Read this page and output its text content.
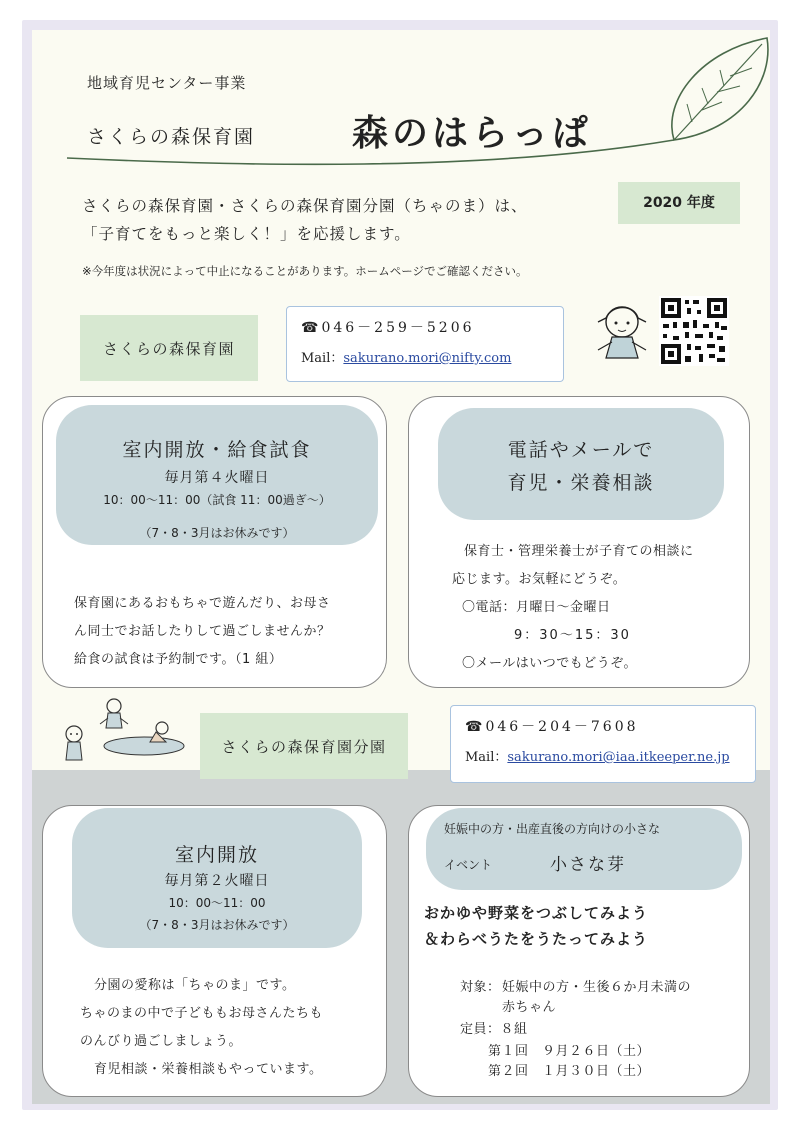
地域育児センター事業
さくらの森保育園	森のはらっぱ
さくらの森保育園・さくらの森保育園分園（ちゃのま）は、
「子育てをもっと楽しく！」を応援します。
2020 年度
※今年度は状況によって中止になることがあります。ホームページでご確認ください。
さくらの森保育園
☎046－259－5206
Mail：sakurano.mori@nifty.com
室内開放・給食試食
毎月第４火曜日
10：00～11：00（試食 11：00過ぎ～）
（7・8・3月はお休みです）
保育園にあるおもちゃで遊んだり、お母さ
ん同士でお話したりして過ごしませんか？
給食の試食は予約制です。（1 組）
電話やメールで
育児・栄養相談
保育士・管理栄養士が子育ての相談に
応じます。お気軽にどうぞ。
〇電話：月曜日～金曜日
9：30～15：30
〇メールはいつでもどうぞ。
さくらの森保育園分園
☎046－204－7608
Mail：sakurano.mori@iaa.itkeeper.ne.jp
室内開放
毎月第２火曜日
10：00～11：00
（7・8・3月はお休みです）
分園の愛称は「ちゃのま」です。
ちゃのまの中で子どももお母さんたちも
のんびり過ごしましょう。
育児相談・栄養相談もやっています。
妊娠中の方・出産直後の方向けの小さな
イベント	小さな芽
おかゆや野菜をつぶしてみよう
＆わらべうたをうたってみよう
対象： 妊娠中の方・生後６か月未満の
赤ちゃん
定員：８組
第１回　９月２６日（土）
第２回　１月３０日（土）
